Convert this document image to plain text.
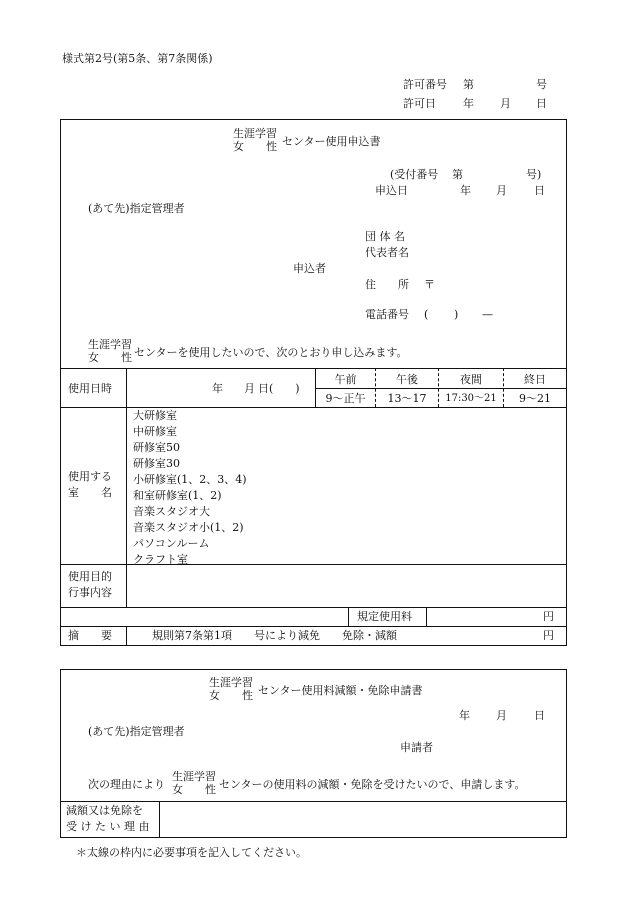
様式第2号(第5条、第7条関係)
許可番号 第	号
許可日 年 月 日
生涯学習
女　　性 センター使用申込書
(受付番号 第	号)
申込日	年 月 日
(あて先)指定管理者
団 体 名
代表者名
申込者
住　　所 〒
電話番号 ( ) —
生涯学習
女　　性 センターを使用したいので、次のとおり申し込みます。
使用日時	年 月 日(　　)
午前	午後	夜間	終日
9〜正午	13〜17	17:30〜21	9〜21
使用する
室　　名
大研修室
中研修室
研修室50
研修室30
小研修室(1、2、3、4)
和室研修室(1、2)
音楽スタジオ大
音楽スタジオ小(1、2)
パソコンルーム
クラフト室
使用目的
行事内容
規定使用料	円
摘　　要	規則第7条第1項　　号により減免　　免除・減額	円
生涯学習
女　　性 センター使用料減額・免除申請書
年 月 日
(あて先)指定管理者
申請者
次の理由により
生涯学習
女　　性 センターの使用料の減額・免除を受けたいので、申請します。
減額又は免除を
受 け た い 理 由
＊太線の枠内に必要事項を記入してください。
